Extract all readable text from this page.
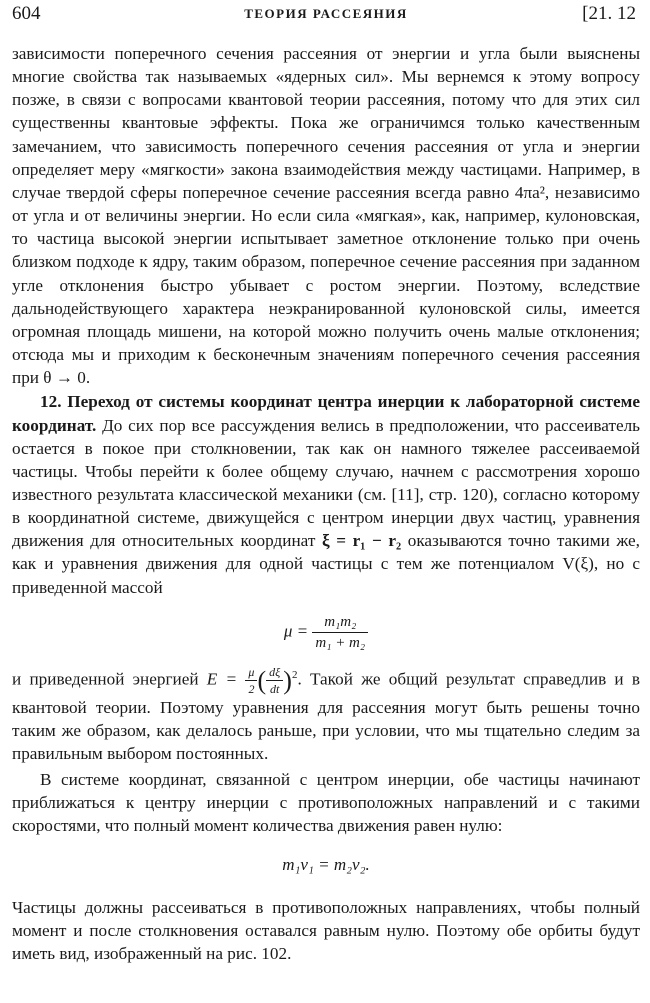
604	ТЕОРИЯ РАССЕЯНИЯ	[21. 12

зависимости поперечного сечения рассеяния от энергии и угла были выяснены многие свойства так называемых «ядерных сил». Мы вернемся к этому вопросу позже, в связи с вопросами квантовой теории рассеяния, потому что для этих сил существенны квантовые эффекты. Пока же ограничимся только качественным замечанием, что зависимость поперечного сечения рассеяния от угла и энергии определяет меру «мягкости» закона взаимодействия между частицами. Например, в случае твердой сферы поперечное сечение рассеяния всегда равно 4πa², независимо от угла и от величины энергии. Но если сила «мягкая», как, например, кулоновская, то частица высокой энергии испытывает заметное отклонение только при очень близком подходе к ядру, таким образом, поперечное сечение рассеяния при заданном угле отклонения быстро убывает с ростом энергии. Поэтому, вследствие дальнодействующего характера неэкранированной кулоновской силы, имеется огромная площадь мишени, на которой можно получить очень малые отклонения; отсюда мы и приходим к бесконечным значениям поперечного сечения рассеяния при θ → 0.

12. Переход от системы координат центра инерции к лабораторной системе координат. До сих пор все рассуждения велись в предположении, что рассеиватель остается в покое при столкновении, так как он намного тяжелее рассеиваемой частицы. Чтобы перейти к более общему случаю, начнем с рассмотрения хорошо известного результата классической механики (см. [11], стр. 120), согласно которому в координатной системе, движущейся с центром инерции двух частиц, уравнения движения для относительных координат ξ = r₁ − r₂ оказываются точно такими же, как и уравнения движения для одной частицы с тем же потенциалом V(ξ), но с приведенной массой

$\mu = \frac{\text{m₁m₂}}{\text{m₁ + m₂}}$

и приведенной энергией $E = \frac{\mu}{2}$ ( $\frac{d\xi}{dt} )^2$. Такой же общий результат справедлив и в квантовой теории. Поэтому уравнения для рассеяния могут быть решены точно таким же образом, как делалось раньше, при условии, что мы тщательно следим за правильным выбором постоянных.

В системе координат, связанной с центром инерции, обе частицы начинают приближаться к центру инерции с противоположных направлений и с такими скоростями, что полный момент количества движения равен нулю:

m₁v₁ = m₂v₂.

Частицы должны рассеиваться в противоположных направлениях, чтобы полный момент и после столкновения оставался равным нулю. Поэтому обе орбиты будут иметь вид, изображенный на рис. 102.
